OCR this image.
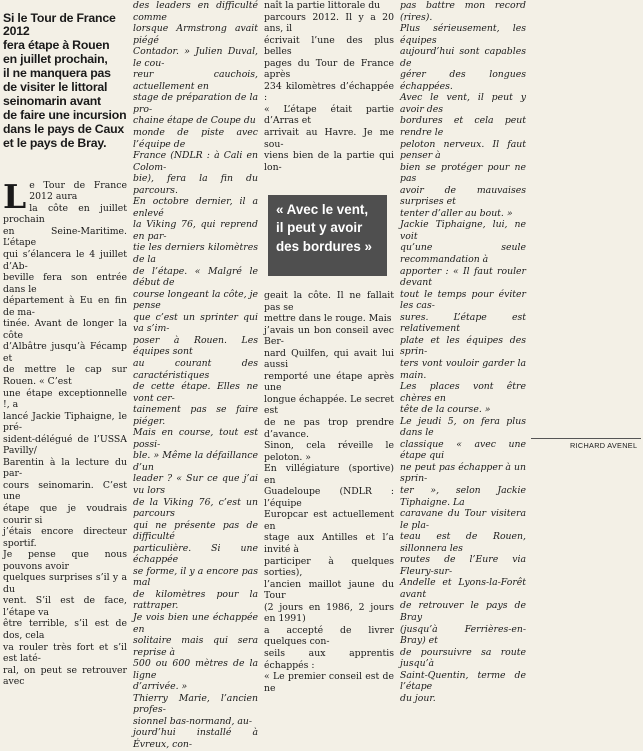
Si le Tour de France 2012
fera étape à Rouen
en juillet prochain,
il ne manquera pas
de visiter le littoral
seinomarin avant
de faire une incursion
dans le pays de Caux
et le pays de Bray.

Le Tour de France 2012 aura
la côte en juillet prochain
en Seine-Maritime. L’étape
qui s’élancera le 4 juillet d’Ab-
beville fera son entrée dans le
département à Eu en fin de ma-
tinée. Avant de longer la côte
d’Albâtre jusqu’à Fécamp et
de mettre le cap sur Rouen. « C’est
une étape exceptionnelle !, a
lancé Jackie Tiphaigne, le pré-
sident-délégué de l’USSA Pavilly/
Barentin à la lecture du par-
cours seinomarin. C’est une
étape que je voudrais courir si
j’étais encore directeur sportif.
Je pense que nous pouvons avoir
quelques surprises s’il y a du
vent. S’il est de face, l’étape va
être terrible, s’il est de dos, cela
va rouler très fort et s’il est laté-
ral, on peut se retrouver avec

des leaders en difficulté comme
lorsque Armstrong avait piégé
Contador. » Julien Duval, le cou-
reur cauchois, actuellement en
stage de préparation de la pro-
chaine étape de Coupe du
monde de piste avec l’équipe de
France (NDLR : à Cali en Colom-
bie), fera la fin du parcours.
En octobre dernier, il a enlevé
la Viking 76, qui reprend en par-
tie les derniers kilomètres de la
de l’étape. « Malgré le début de
course longeant la côte, je pense
que c’est un sprinter qui va s’im-
poser à Rouen. Les équipes sont
au courant des caractéristiques
de cette étape. Elles ne vont cer-
tainement pas se faire piéger.
Mais en course, tout est possi-
ble. » Même la défaillance d’un
leader ? « Sur ce que j’ai vu lors
de la Viking 76, c’est un parcours
qui ne présente pas de difficulté
particulière. Si une échappée
se forme, il y a encore pas mal
de kilomètres pour la rattraper.
Je vois bien une échappée en
solitaire mais qui sera reprise à
500 ou 600 mètres de la ligne
d’arrivée. »
Thierry Marie, l’ancien profes-
sionnel bas-normand, au-
jourd’hui installé à Évreux, con-
naît la partie littorale du
parcours 2012. Il y a 20 ans, il
écrivait l’une des plus belles
pages du Tour de France après
234 kilomètres d’échappée :
« L’étape était partie d’Arras et
arrivait au Havre. Je me sou-
viens bien de la partie qui lon-
« Avec le vent,
il peut y avoir
des bordures »
geait la côte. Il ne fallait pas se
mettre dans le rouge. Mais
j’avais un bon conseil avec Ber-
nard Quilfen, qui avait lui aussi
remporté une étape après une
longue échappée. Le secret est
de ne pas trop prendre d’avance.
Sinon, cela réveille le peloton. »
En villégiature (sportive) en
Guadeloupe (NDLR : l’équipe
Europcar est actuellement en
stage aux Antilles et l’a invité à
participer à quelques sorties),
l’ancien maillot jaune du Tour
(2 jours en 1986, 2 jours en 1991)
a accepté de livrer quelques con-
seils aux apprentis échappés :
« Le premier conseil est de ne
pas battre mon record (rires).
Plus sérieusement, les équipes
aujourd’hui sont capables de
gérer des longues échappées.
Avec le vent, il peut y avoir des
bordures et cela peut rendre le
peloton nerveux. Il faut penser à
bien se protéger pour ne pas
avoir de mauvaises surprises et
tenter d’aller au bout. »
Jackie Tiphaigne, lui, ne voit
qu’une seule recommandation à
apporter : « Il faut rouler devant
tout le temps pour éviter les cas-
sures. L’étape est relativement
plate et les équipes des sprin-
ters vont vouloir garder la main.
Les places vont être chères en
tête de la course. »
Le jeudi 5, on fera plus dans le
classique « avec une étape qui
ne peut pas échapper à un sprin-
ter », selon Jackie Tiphaigne. La
caravane du Tour visitera le pla-
teau est de Rouen, sillonnera les
routes de l’Eure via Fleury-sur-
Andelle et Lyons-la-Forêt avant
de retrouver le pays de Bray
(jusqu’à Ferrières-en-Bray) et
de poursuivre sa route jusqu’à
Saint-Quentin, terme de l’étape
du jour.
RICHARD AVENEL
